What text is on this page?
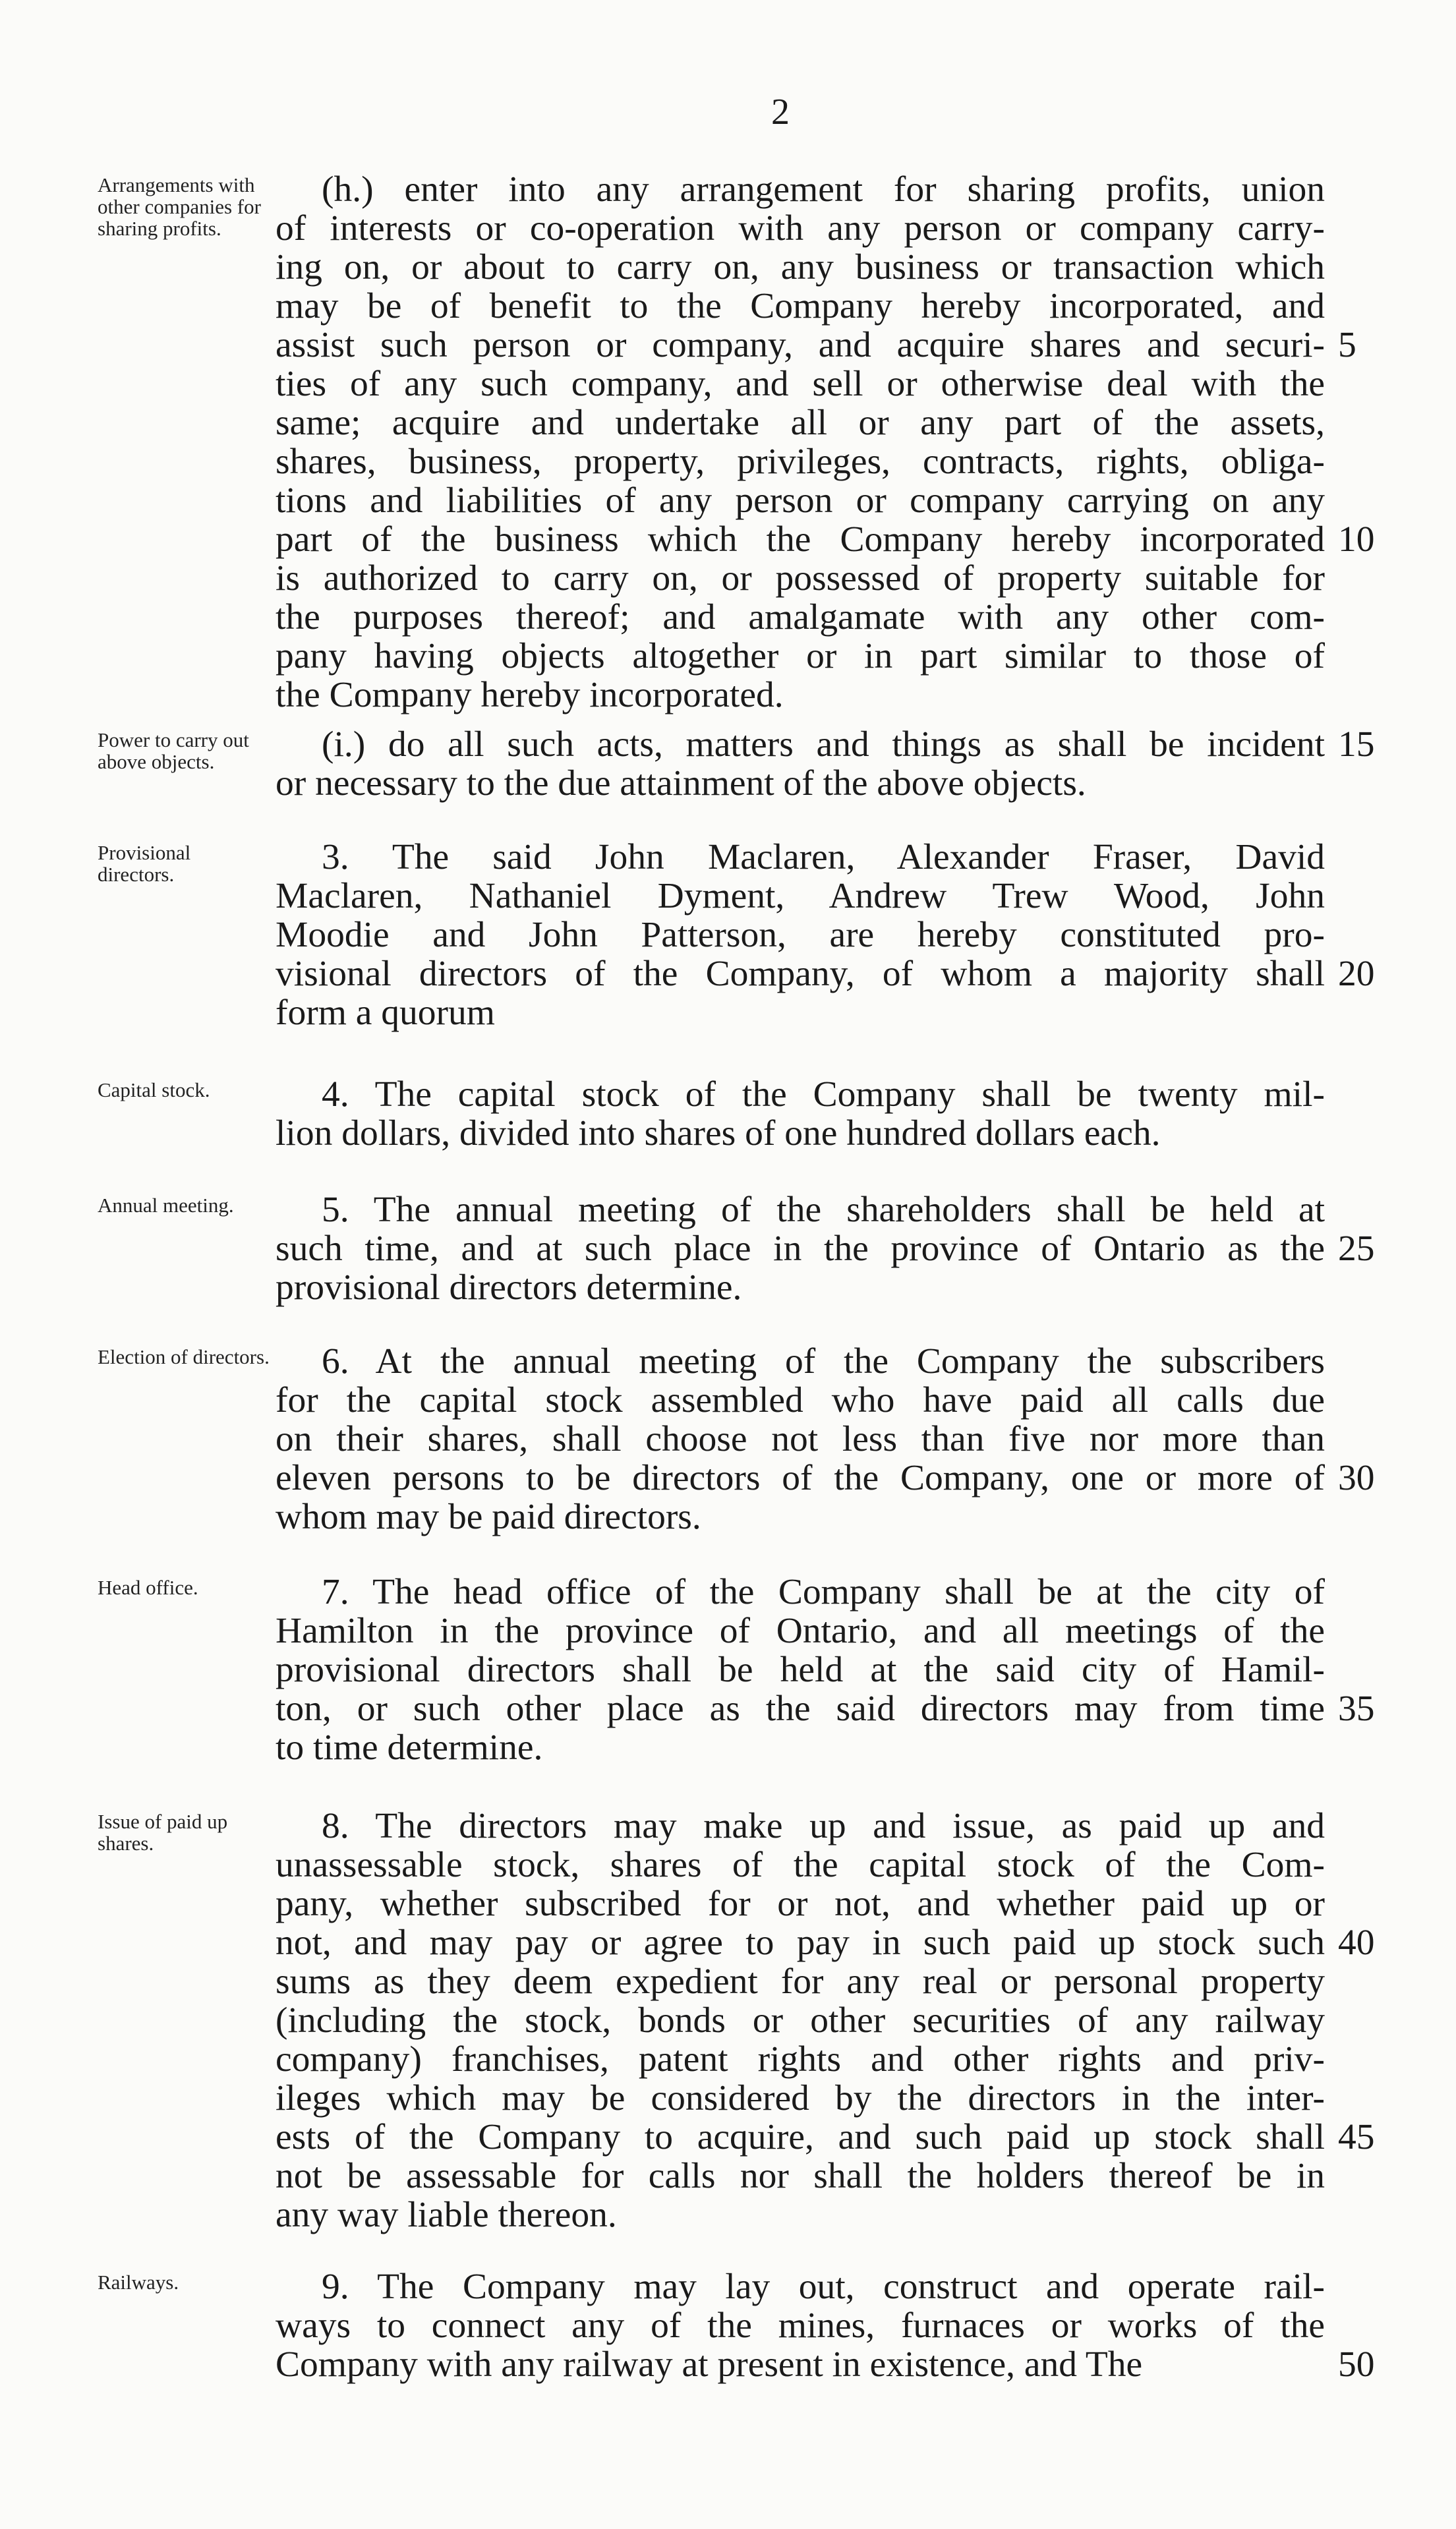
2
Arrangements with other companies for sharing profits.
(h.) enter into any arrangement for sharing profits, union
of interests or co-operation with any person or company carry-
ing on, or about to carry on, any business or transaction which
may be of benefit to the Company hereby incorporated, and
assist such person or company, and acquire shares and securi- 5
ties of any such company, and sell or otherwise deal with the
same; acquire and undertake all or any part of the assets,
shares, business, property, privileges, contracts, rights, obliga-
tions and liabilities of any person or company carrying on any
part of the business which the Company hereby incorporated 10
is authorized to carry on, or possessed of property suitable for
the purposes thereof; and amalgamate with any other com-
pany having objects altogether or in part similar to those of
the Company hereby incorporated.
Power to carry out above objects.	(i.) do all such acts, matters and things as shall be incident 15
or necessary to the due attainment of the above objects.
Provisional directors.	3. The said John Maclaren, Alexander Fraser, David
Maclaren, Nathaniel Dyment, Andrew Trew Wood, John
Moodie and John Patterson, are hereby constituted pro-
visional directors of the Company, of whom a majority shall 20
form a quorum
Capital stock.	4. The capital stock of the Company shall be twenty mil-
lion dollars, divided into shares of one hundred dollars each.
Annual meeting.	5. The annual meeting of the shareholders shall be held at
such time, and at such place in the province of Ontario as the 25
provisional directors determine.
Election of directors. 6. At the annual meeting of the Company the subscribers
for the capital stock assembled who have paid all calls due
on their shares, shall choose not less than five nor more than
eleven persons to be directors of the Company, one or more of 30
whom may be paid directors.
Head office.	7. The head office of the Company shall be at the city of
Hamilton in the province of Ontario, and all meetings of the
provisional directors shall be held at the said city of Hamil-
ton, or such other place as the said directors may from time 35
to time determine.
Issue of paid up shares.	8. The directors may make up and issue, as paid up and
unassessable stock, shares of the capital stock of the Com-
pany, whether subscribed for or not, and whether paid up or
not, and may pay or agree to pay in such paid up stock such 40
sums as they deem expedient for any real or personal property
(including the stock, bonds or other securities of any railway
company) franchises, patent rights and other rights and priv-
ileges which may be considered by the directors in the inter-
ests of the Company to acquire, and such paid up stock shall 45
not be assessable for calls nor shall the holders thereof be in
any way liable thereon.
Railways.	9. The Company may lay out, construct and operate rail-
ways to connect any of the mines, furnaces or works of the
Company with any railway at present in existence, and The	50
